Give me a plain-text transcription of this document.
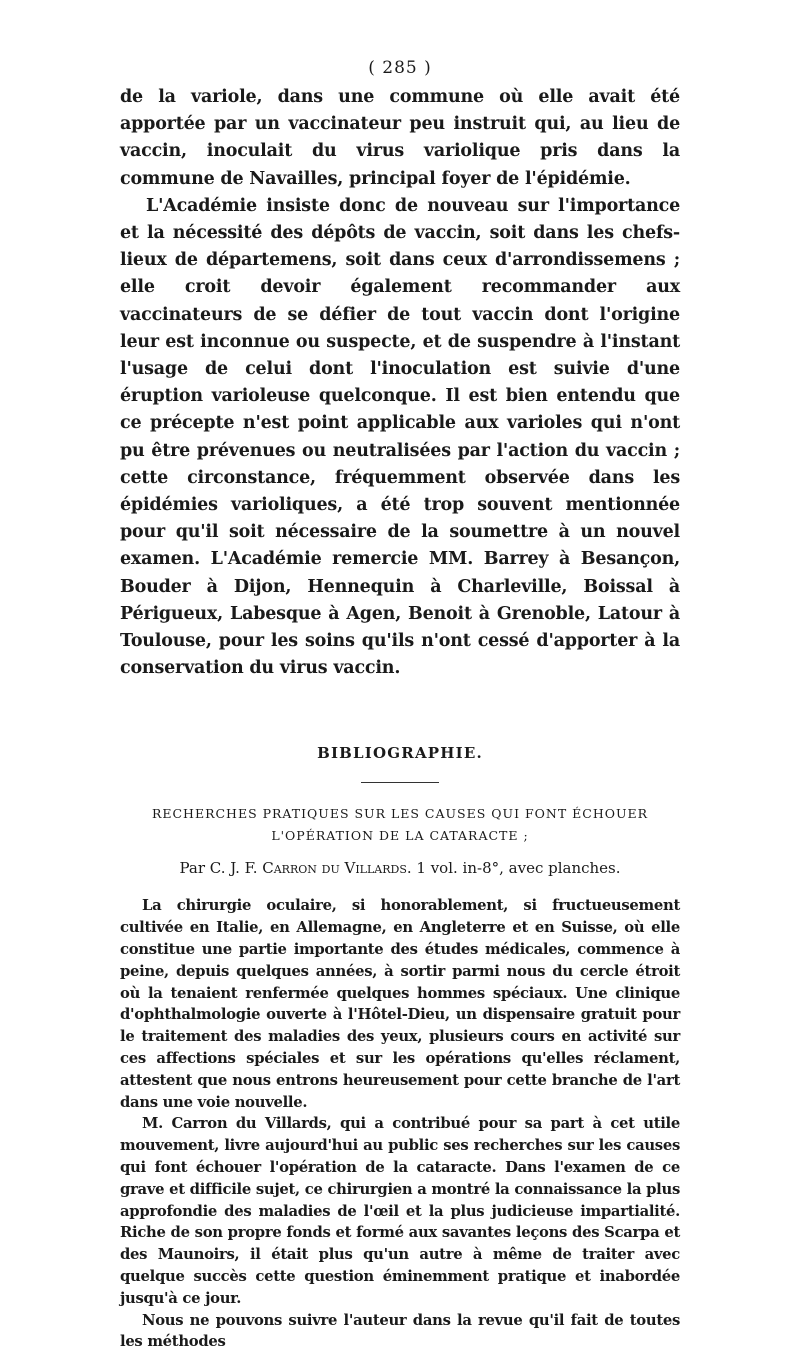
( 285 )

de la variole, dans une commune où elle avait été apportée par un vaccinateur peu instruit qui, au lieu de vaccin, inoculait du virus variolique pris dans la commune de Navailles, principal foyer de l'épidémie.

L'Académie insiste donc de nouveau sur l'importance et la nécessité des dépôts de vaccin, soit dans les chefs-lieux de départemens, soit dans ceux d'arrondissemens ; elle croit devoir également recommander aux vaccinateurs de se défier de tout vaccin dont l'origine leur est inconnue ou suspecte, et de suspendre à l'instant l'usage de celui dont l'inoculation est suivie d'une éruption varioleuse quelconque. Il est bien entendu que ce précepte n'est point applicable aux varioles qui n'ont pu être prévenues ou neutralisées par l'action du vaccin ; cette circonstance, fréquemment observée dans les épidémies varioliques, a été trop souvent mentionnée pour qu'il soit nécessaire de la soumettre à un nouvel examen. L'Académie remercie MM. Barrey à Besançon, Bouder à Dijon, Hennequin à Charleville, Boissal à Périgueux, Labesque à Agen, Benoit à Grenoble, Latour à Toulouse, pour les soins qu'ils n'ont cessé d'apporter à la conservation du virus vaccin.

BIBLIOGRAPHIE.
RECHERCHES PRATIQUES SUR LES CAUSES QUI FONT ÉCHOUER
L'OPÉRATION DE LA CATARACTE ;
Par C. J. F. Carron du Villards. 1 vol. in-8°, avec planches.

La chirurgie oculaire, si honorablement, si fructueusement cultivée en Italie, en Allemagne, en Angleterre et en Suisse, où elle constitue une partie importante des études médicales, commence à peine, depuis quelques années, à sortir parmi nous du cercle étroit où la tenaient renfermée quelques hommes spéciaux. Une clinique d'ophthalmologie ouverte à l'Hôtel-Dieu, un dispensaire gratuit pour le traitement des maladies des yeux, plusieurs cours en activité sur ces affections spéciales et sur les opérations qu'elles réclament, attestent que nous entrons heureusement pour cette branche de l'art dans une voie nouvelle.

M. Carron du Villards, qui a contribué pour sa part à cet utile mouvement, livre aujourd'hui au public ses recherches sur les causes qui font échouer l'opération de la cataracte. Dans l'examen de ce grave et difficile sujet, ce chirurgien a montré la connaissance la plus approfondie des maladies de l'œil et la plus judicieuse impartialité. Riche de son propre fonds et formé aux savantes leçons des Scarpa et des Maunoirs, il était plus qu'un autre à même de traiter avec quelque succès cette question éminemment pratique et inabordée jusqu'à ce jour.

Nous ne pouvons suivre l'auteur dans la revue qu'il fait de toutes les méthodes
